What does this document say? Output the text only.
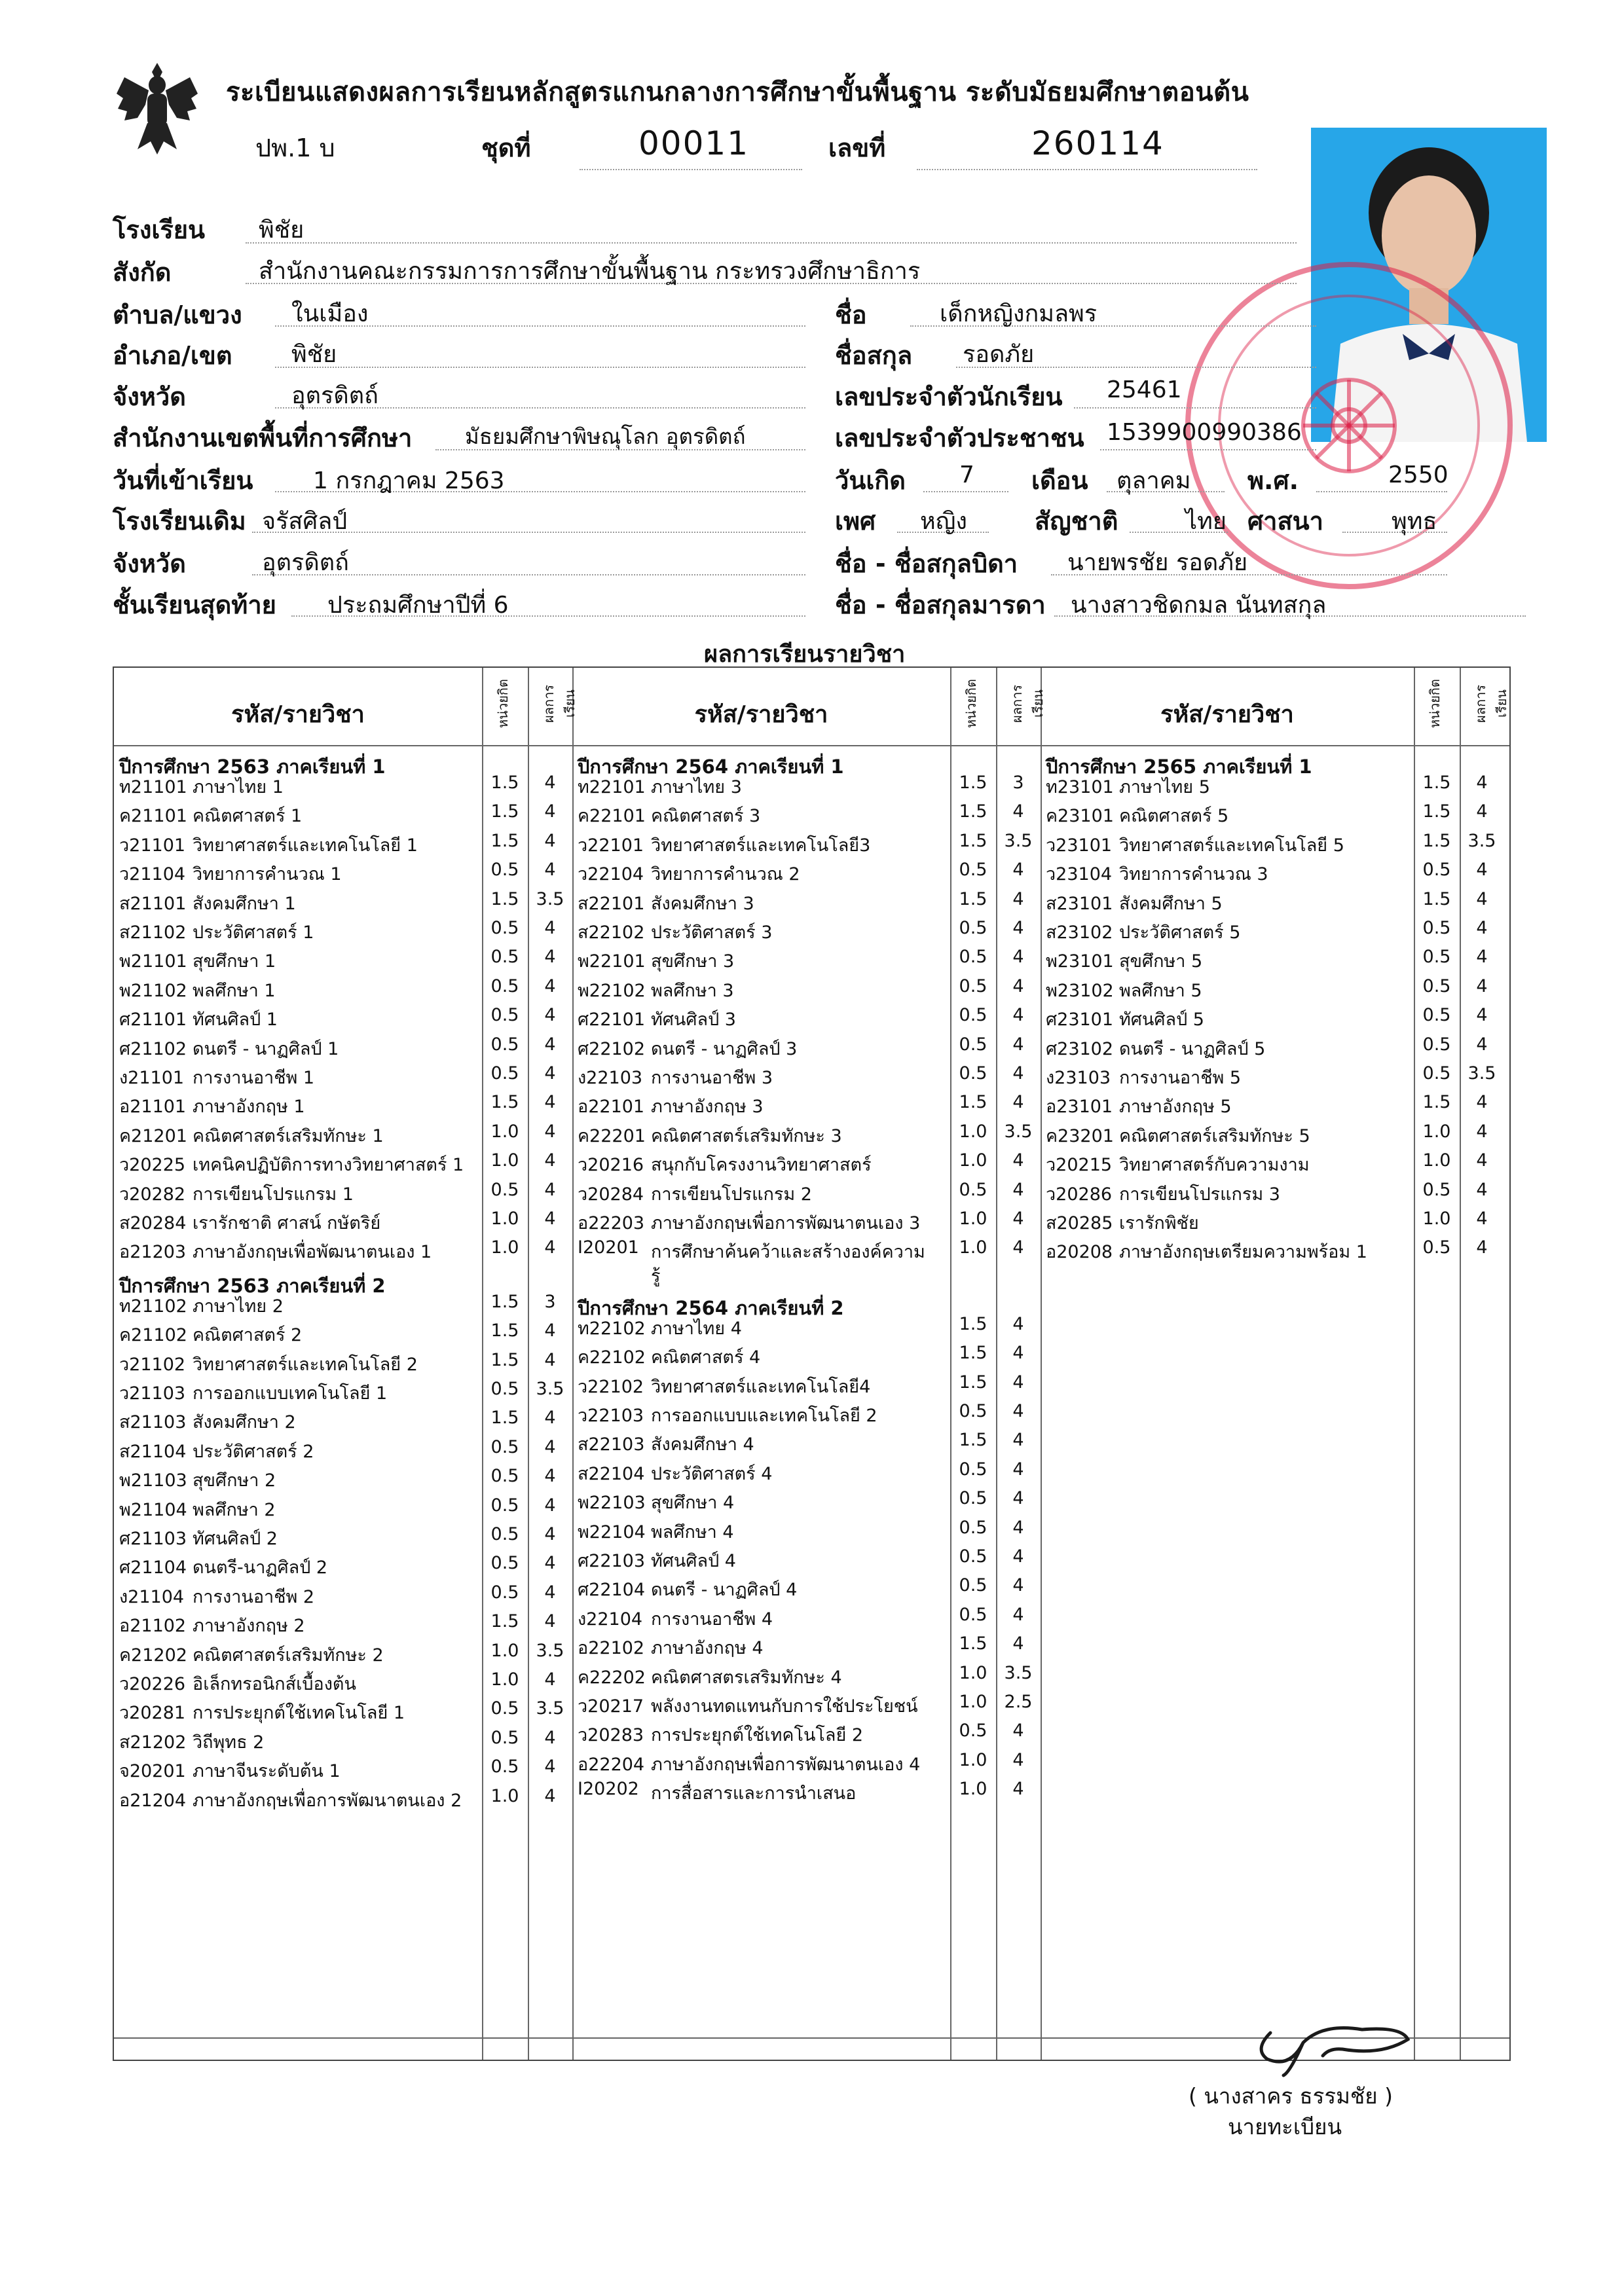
ระเบียนแสดงผลการเรียนหลักสูตรแกนกลางการศึกษาขั้นพื้นฐาน ระดับมัธยมศึกษาตอนต้น
ปพ.1 บ	ชุดที่	00011	เลขที่	260114
โรงเรียน พิชัย
สังกัด	สำนักงานคณะกรรมการการศึกษาขั้นพื้นฐาน กระทรวงศึกษาธิการ
ตำบล/แขวง ในเมือง
อำเภอ/เขต	พิชัย
จังหวัด	อุตรดิตถ์
สำนักงานเขตพื้นที่การศึกษา มัธยมศึกษาพิษณุโลก อุตรดิตถ์
วันที่เข้าเรียน	1 กรกฎาคม 2563
โรงเรียนเดิม จรัสศิลป์
จังหวัด	อุตรดิตถ์
ชั้นเรียนสุดท้าย ประถมศึกษาปีที่ 6
ชื่อ	เด็กหญิงกมลพร
ชื่อสกุล รอดภัย
เลขประจำตัวนักเรียน 25461
เลขประจำตัวประชาชน 1539900990386
วันเกิด 7 เดือน ตุลาคม พ.ศ.	2550
เพศ หญิง	สัญชาติ	ไทย ศาสนา	พุทธ
ชื่อ - ชื่อสกุลบิดา นายพรชัย รอดภัย
ชื่อ - ชื่อสกุลมารดา นางสาวชิดกมล นันทสกุล
ผลการเรียนรายวิชา
รหัส/รายวิชา	หน่วยกิต	ผลการเรียน	รหัส/รายวิชา	หน่วยกิต	ผลการเรียน	รหัส/รายวิชา	หน่วยกิต	ผลการเรียน
ปีการศึกษา 2563 ภาคเรียนที่ 1
ท21101 ภาษาไทย 1	1.5	4
ค21101 คณิตศาสตร์ 1	1.5	4
ว21101 วิทยาศาสตร์และเทคโนโลยี 1	1.5	4
ว21104 วิทยาการคำนวณ 1	0.5	4
ส21101 สังคมศึกษา 1	1.5 3.5
ส21102 ประวัติศาสตร์ 1	0.5	4
พ21101 สุขศึกษา 1	0.5	4
พ21102 พลศึกษา 1	0.5	4
ศ21101 ทัศนศิลป์ 1	0.5	4
ศ21102 ดนตรี - นาฏศิลป์ 1	0.5	4
ง21101 การงานอาชีพ 1	0.5	4
อ21101 ภาษาอังกฤษ 1	1.5	4
ค21201 คณิตศาสตร์เสริมทักษะ 1	1.0	4
ว20225 เทคนิคปฏิบัติการทางวิทยาศาสตร์ 1 1.0	4
ว20282 การเขียนโปรแกรม 1	0.5	4
ส20284 เรารักชาติ ศาสน์ กษัตริย์	1.0	4
อ21203 ภาษาอังกฤษเพื่อพัฒนาตนเอง 1	1.0	4
ปีการศึกษา 2563 ภาคเรียนที่ 2
ท21102 ภาษาไทย 2	1.5	3
ค21102 คณิตศาสตร์ 2	1.5	4
ว21102 วิทยาศาสตร์และเทคโนโลยี 2	1.5	4
ว21103 การออกแบบเทคโนโลยี 1	0.5 3.5
ส21103 สังคมศึกษา 2	1.5	4
ส21104 ประวัติศาสตร์ 2	0.5	4
พ21103 สุขศึกษา 2	0.5	4
พ21104 พลศึกษา 2	0.5	4
ศ21103 ทัศนศิลป์ 2	0.5	4
ศ21104 ดนตรี-นาฏศิลป์ 2	0.5	4
ง21104 การงานอาชีพ 2	0.5	4
อ21102 ภาษาอังกฤษ 2	1.5	4
ค21202 คณิตศาสตร์เสริมทักษะ 2	1.0 3.5
ว20226 อิเล็กทรอนิกส์เบื้องต้น	1.0	4
ว20281 การประยุกต์ใช้เทคโนโลยี 1	0.5 3.5
ส21202 วิถีพุทธ 2	0.5	4
จ20201 ภาษาจีนระดับต้น 1	0.5	4
อ21204 ภาษาอังกฤษเพื่อการพัฒนาตนเอง 2 1.0	4
ปีการศึกษา 2564 ภาคเรียนที่ 1
ท22101 ภาษาไทย 3	1.5	3
ค22101 คณิตศาสตร์ 3	1.5	4
ว22101 วิทยาศาสตร์และเทคโนโลยี3	1.5 3.5
ว22104 วิทยาการคำนวณ 2	0.5	4
ส22101 สังคมศึกษา 3	1.5	4
ส22102 ประวัติศาสตร์ 3	0.5	4
พ22101 สุขศึกษา 3	0.5	4
พ22102 พลศึกษา 3	0.5	4
ศ22101 ทัศนศิลป์ 3	0.5	4
ศ22102 ดนตรี - นาฏศิลป์ 3	0.5	4
ง22103 การงานอาชีพ 3	0.5	4
อ22101 ภาษาอังกฤษ 3	1.5	4
ค22201 คณิตศาสตร์เสริมทักษะ 3	1.0 3.5
ว20216 สนุกกับโครงงานวิทยาศาสตร์	1.0	4
ว20284 การเขียนโปรแกรม 2	0.5	4
อ22203 ภาษาอังกฤษเพื่อการพัฒนาตนเอง 3 1.0	4
I20201 การศึกษาค้นคว้าและสร้างองค์ความ 1.0	4
รู้
ปีการศึกษา 2564 ภาคเรียนที่ 2
ท22102 ภาษาไทย 4	1.5	4
ค22102 คณิตศาสตร์ 4	1.5	4
ว22102 วิทยาศาสตร์และเทคโนโลยี4	1.5	4
ว22103 การออกแบบและเทคโนโลยี 2	0.5	4
ส22103 สังคมศึกษา 4	1.5	4
ส22104 ประวัติศาสตร์ 4	0.5	4
พ22103 สุขศึกษา 4	0.5	4
พ22104 พลศึกษา 4	0.5	4
ศ22103 ทัศนศิลป์ 4	0.5	4
ศ22104 ดนตรี - นาฏศิลป์ 4	0.5	4
ง22104 การงานอาชีพ 4	0.5	4
อ22102 ภาษาอังกฤษ 4	1.5	4
ค22202 คณิตศาสตรเสริมทักษะ 4	1.0 3.5
ว20217 พลังงานทดแทนกับการใช้ประโยชน์ 1.0 2.5
ว20283 การประยุกต์ใช้เทคโนโลยี 2	0.5	4
อ22204 ภาษาอังกฤษเพื่อการพัฒนาตนเอง 4 1.0	4
I20202 การสื่อสารและการนำเสนอ	1.0	4
ปีการศึกษา 2565 ภาคเรียนที่ 1
ท23101 ภาษาไทย 5	1.5	4
ค23101 คณิตศาสตร์ 5	1.5	4
ว23101 วิทยาศาสตร์และเทคโนโลยี 5	1.5 3.5
ว23104 วิทยาการคำนวณ 3	0.5	4
ส23101 สังคมศึกษา 5	1.5	4
ส23102 ประวัติศาสตร์ 5	0.5	4
พ23101 สุขศึกษา 5	0.5	4
พ23102 พลศึกษา 5	0.5	4
ศ23101 ทัศนศิลป์ 5	0.5	4
ศ23102 ดนตรี - นาฏศิลป์ 5	0.5	4
ง23103 การงานอาชีพ 5	0.5 3.5
อ23101 ภาษาอังกฤษ 5	1.5	4
ค23201 คณิตศาสตร์เสริมทักษะ 5	1.0	4
ว20215 วิทยาศาสตร์กับความงาม	1.0	4
ว20286 การเขียนโปรแกรม 3	0.5	4
ส20285 เรารักพิชัย	1.0	4
อ20208 ภาษาอังกฤษเตรียมความพร้อม 1	0.5	4
( นางสาคร ธรรมชัย )
นายทะเบียน
